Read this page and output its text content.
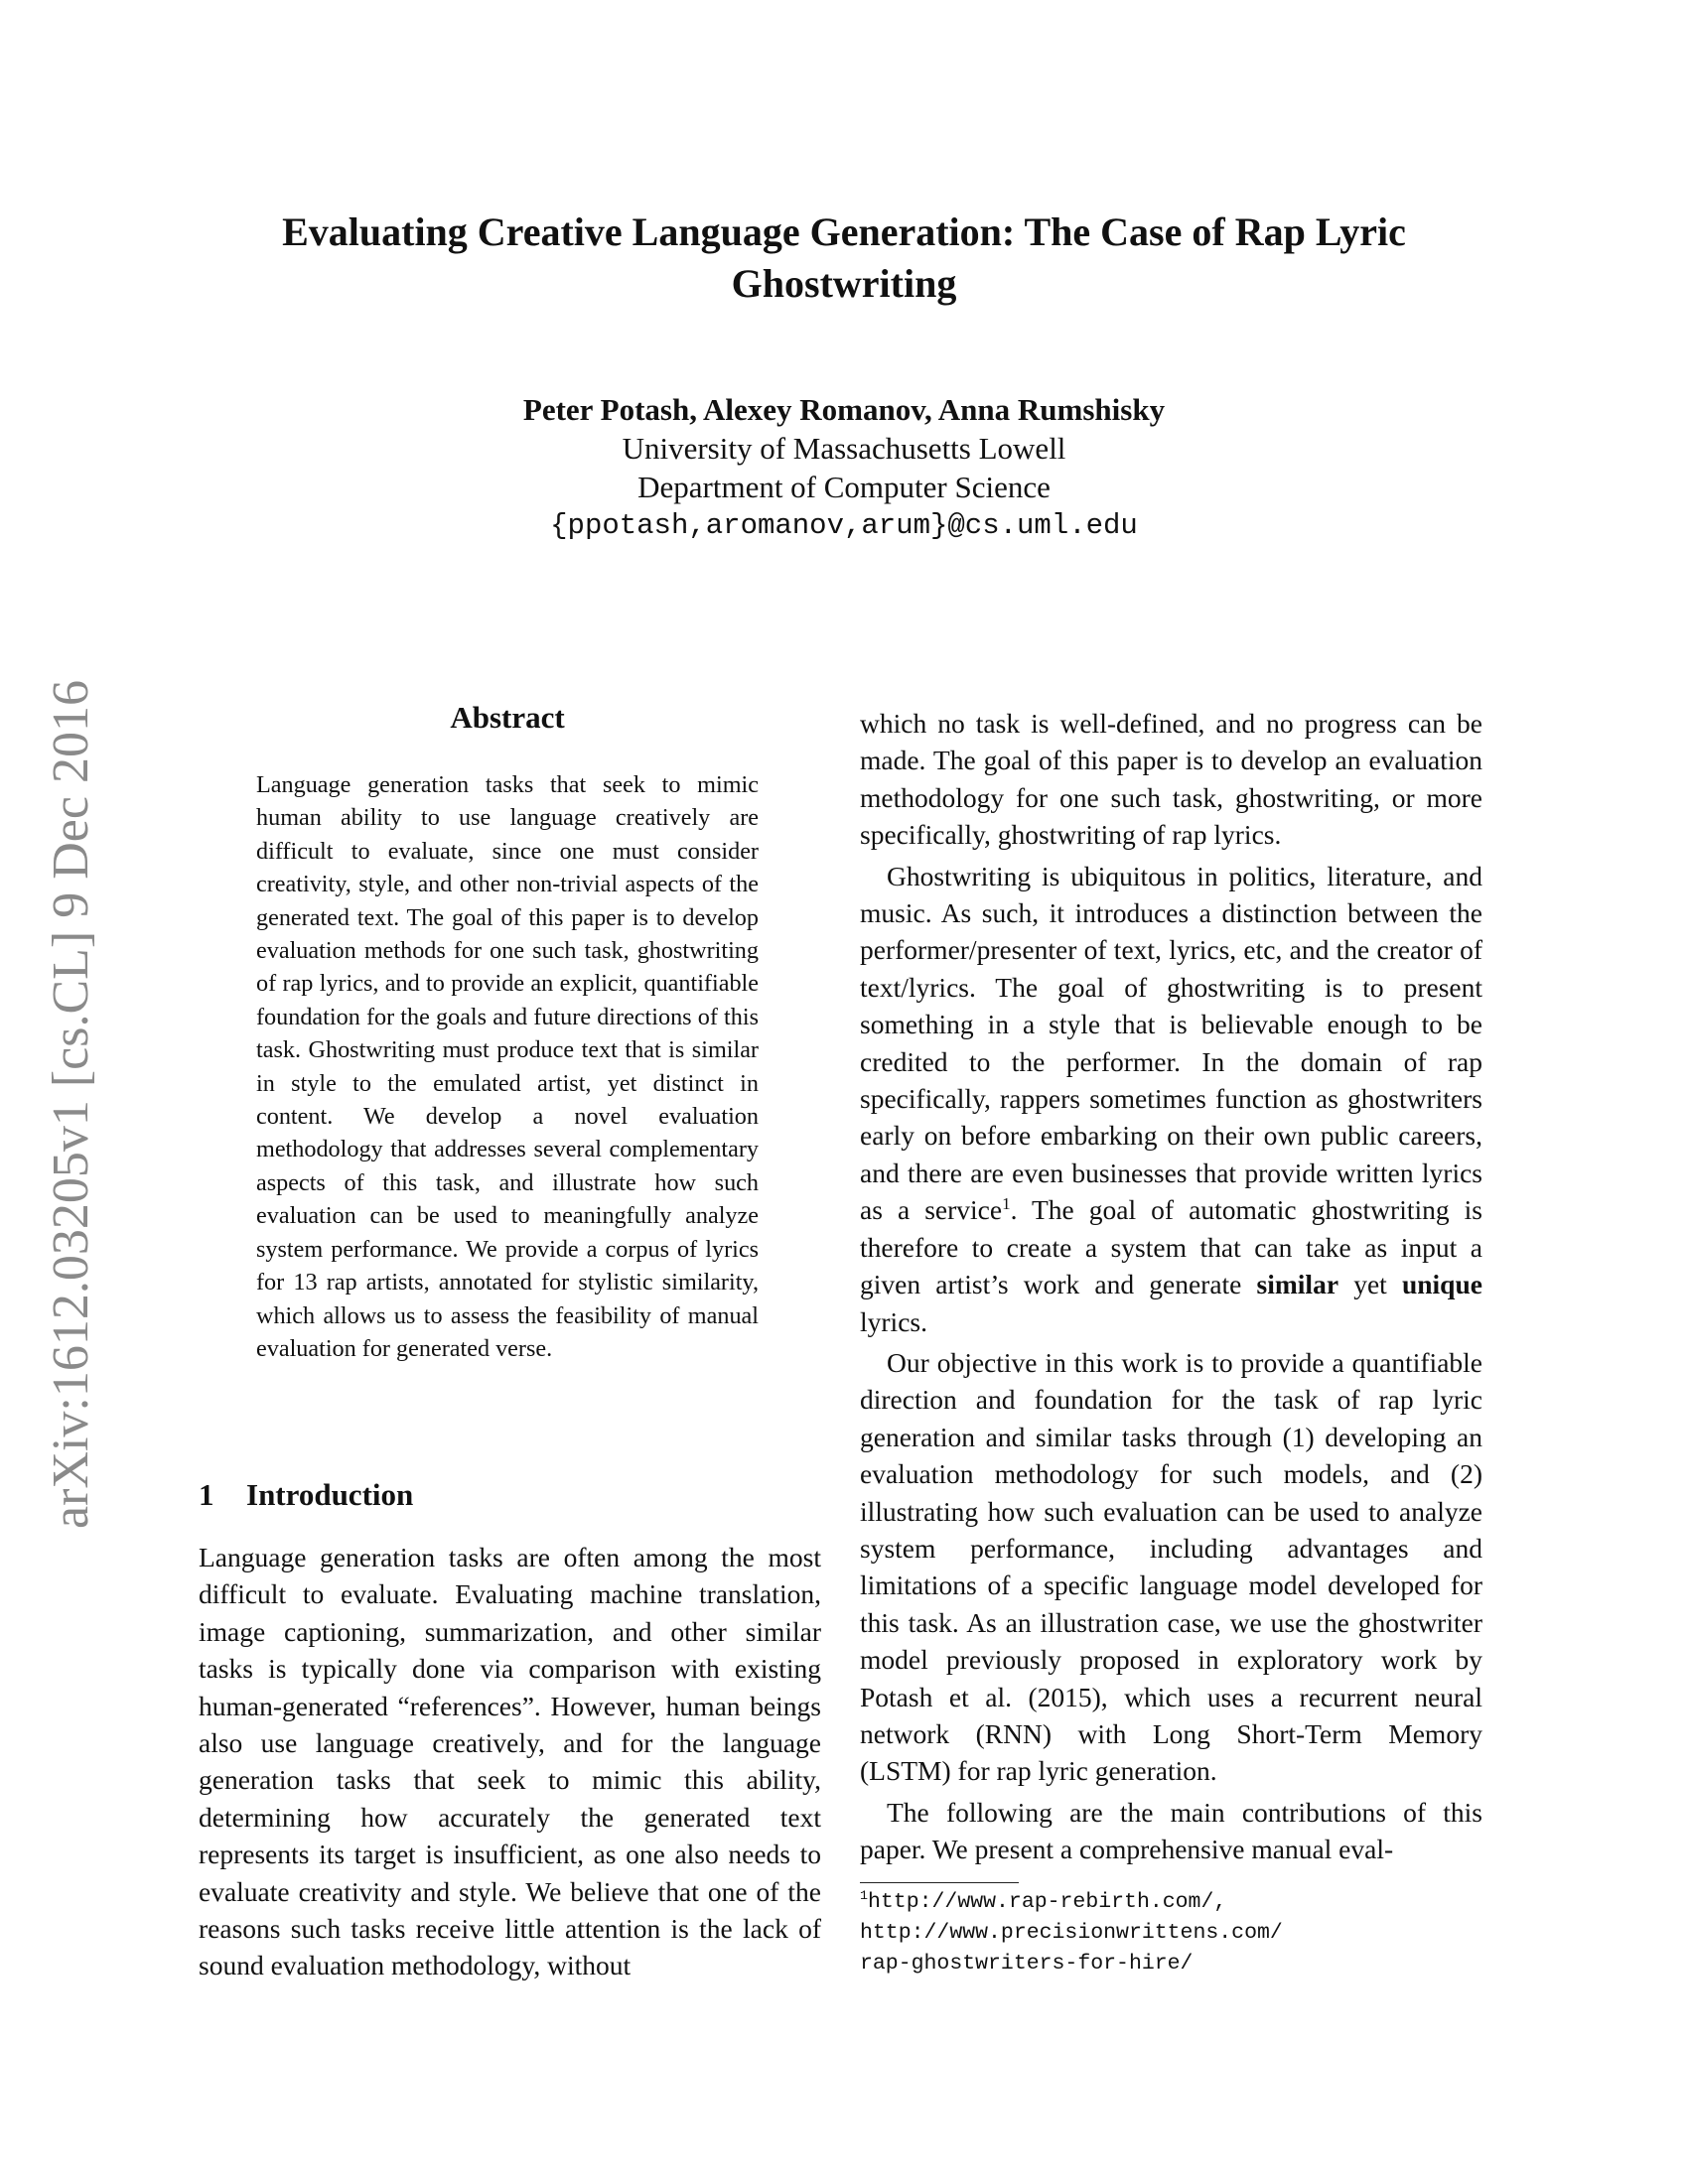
arXiv:1612.03205v1 [cs.CL] 9 Dec 2016
Evaluating Creative Language Generation: The Case of Rap Lyric
Ghostwriting
Peter Potash, Alexey Romanov, Anna Rumshisky
University of Massachusetts Lowell
Department of Computer Science
{ppotash,aromanov,arum}@cs.uml.edu
Abstract
Language generation tasks that seek to mimic human ability to use language creatively are difficult to evaluate, since one must consider creativity, style, and other non-trivial aspects of the generated text. The goal of this paper is to develop evaluation methods for one such task, ghostwriting of rap lyrics, and to provide an explicit, quantifiable foundation for the goals and future directions of this task. Ghostwriting must produce text that is similar in style to the emulated artist, yet distinct in content. We develop a novel evaluation methodology that addresses several complementary aspects of this task, and illustrate how such evaluation can be used to meaningfully analyze system performance. We provide a corpus of lyrics for 13 rap artists, annotated for stylistic similarity, which allows us to assess the feasibility of manual evaluation for generated verse.
1 Introduction

Language generation tasks are often among the most difficult to evaluate. Evaluating machine translation, image captioning, summarization, and other similar tasks is typically done via comparison with existing human-generated “references”. However, human beings also use language creatively, and for the language generation tasks that seek to mimic this ability, determining how accurately the generated text represents its target is insufficient, as one also needs to evaluate creativity and style. We believe that one of the reasons such tasks receive little attention is the lack of sound evaluation methodology, without

which no task is well-defined, and no progress can be made. The goal of this paper is to develop an evaluation methodology for one such task, ghostwriting, or more specifically, ghostwriting of rap lyrics.

Ghostwriting is ubiquitous in politics, literature, and music. As such, it introduces a distinction between the performer/presenter of text, lyrics, etc, and the creator of text/lyrics. The goal of ghostwriting is to present something in a style that is believable enough to be credited to the performer. In the domain of rap specifically, rappers sometimes function as ghostwriters early on before embarking on their own public careers, and there are even businesses that provide written lyrics as a service$^1$. The goal of automatic ghostwriting is therefore to create a system that can take as input a given artist’s work and generate similar yet unique lyrics.

Our objective in this work is to provide a quantifiable direction and foundation for the task of rap lyric generation and similar tasks through (1) developing an evaluation methodology for such models, and (2) illustrating how such evaluation can be used to analyze system performance, including advantages and limitations of a specific language model developed for this task. As an illustration case, we use the ghostwriter model previously proposed in exploratory work by Potash et al. (2015), which uses a recurrent neural network (RNN) with Long Short-Term Memory (LSTM) for rap lyric generation.

The following are the main contributions of this paper. We present a comprehensive manual eval-

$^1$http://www.rap-rebirth.com/,
http://www.precisionwrittens.com/
rap-ghostwriters-for-hire/
